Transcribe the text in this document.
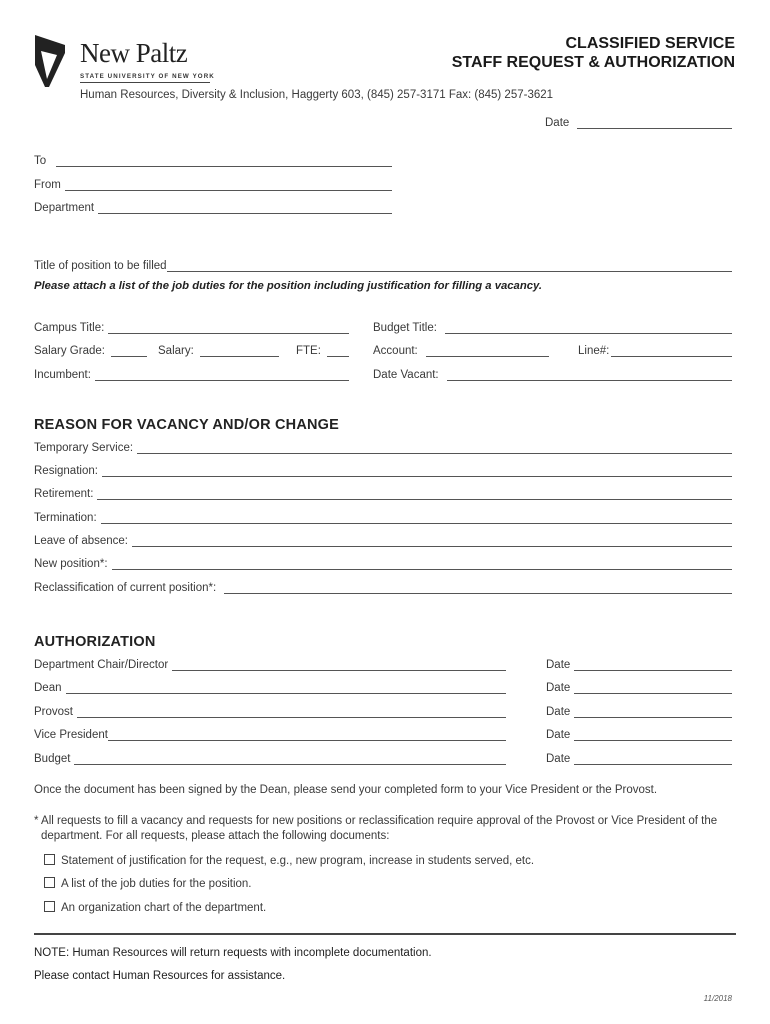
New Paltz
STATE UNIVERSITY OF NEW YORK
CLASSIFIED SERVICE
STAFF REQUEST & AUTHORIZATION
Human Resources, Diversity & Inclusion, Haggerty 603, (845) 257-3171 Fax: (845) 257-3621
Date
To
From
Department
Title of position to be filled
Please attach a list of the job duties for the position including justification for filling a vacancy.
Campus Title:	Budget Title:
Salary Grade:	Salary:	FTE:	Account:	Line#:
Incumbent:	Date Vacant:
REASON FOR VACANCY AND/OR CHANGE
Temporary Service:
Resignation:
Retirement:
Termination:
Leave of absence:
New position*:
Reclassification of current position*:
AUTHORIZATION
Department Chair/Director	Date
Dean	Date
Provost	Date
Vice President	Date
Budget	Date
Once the document has been signed by the Dean, please send your completed form to your Vice President or the Provost.
* All requests to fill a vacancy and requests for new positions or reclassification require approval of the Provost or Vice President of the
department. For all requests, please attach the following documents:
Statement of justification for the request, e.g., new program, increase in students served, etc.
A list of the job duties for the position.
An organization chart of the department.
NOTE: Human Resources will return requests with incomplete documentation.
Please contact Human Resources for assistance.
11/2018
